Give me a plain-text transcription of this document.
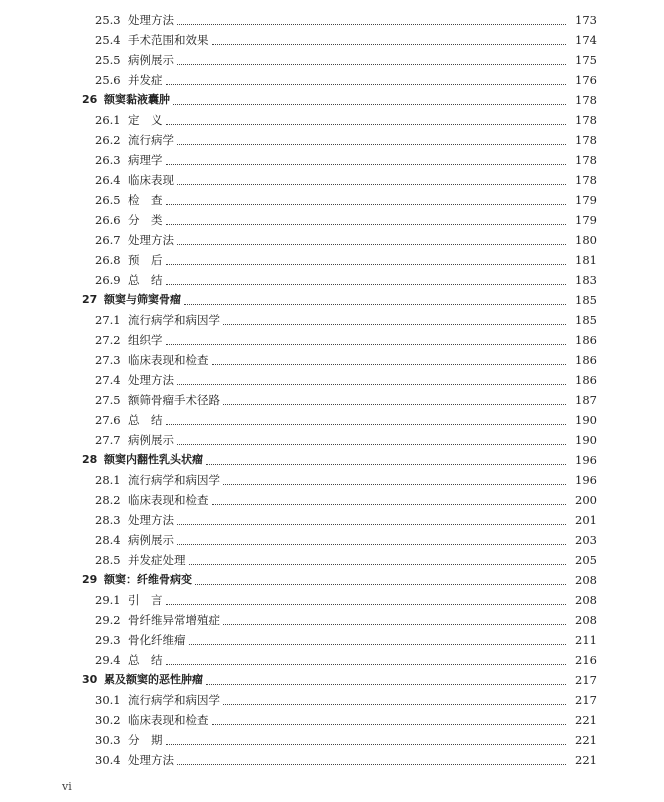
25.3 处理方法	173
25.4 手术范围和效果	174
25.5 病例展示	175
25.6 并发症	176
26 额窦黏液囊肿	178
26.1 定　义	178
26.2 流行病学	178
26.3 病理学	178
26.4 临床表现	178
26.5 检　查	179
26.6 分　类	179
26.7 处理方法	180
26.8 预　后	181
26.9 总　结	183
27 额窦与筛窦骨瘤	185
27.1 流行病学和病因学	185
27.2 组织学	186
27.3 临床表现和检查	186
27.4 处理方法	186
27.5 额筛骨瘤手术径路	187
27.6 总　结	190
27.7 病例展示	190
28 额窦内翻性乳头状瘤	196
28.1 流行病学和病因学	196
28.2 临床表现和检查	200
28.3 处理方法	201
28.4 病例展示	203
28.5 并发症处理	205
29 额窦：纤维骨病变	208
29.1 引　言	208
29.2 骨纤维异常增殖症	208
29.3 骨化纤维瘤	211
29.4 总　结	216
30 累及额窦的恶性肿瘤	217
30.1 流行病学和病因学	217
30.2 临床表现和检查	221
30.3 分　期	221
30.4 处理方法	221
vi
